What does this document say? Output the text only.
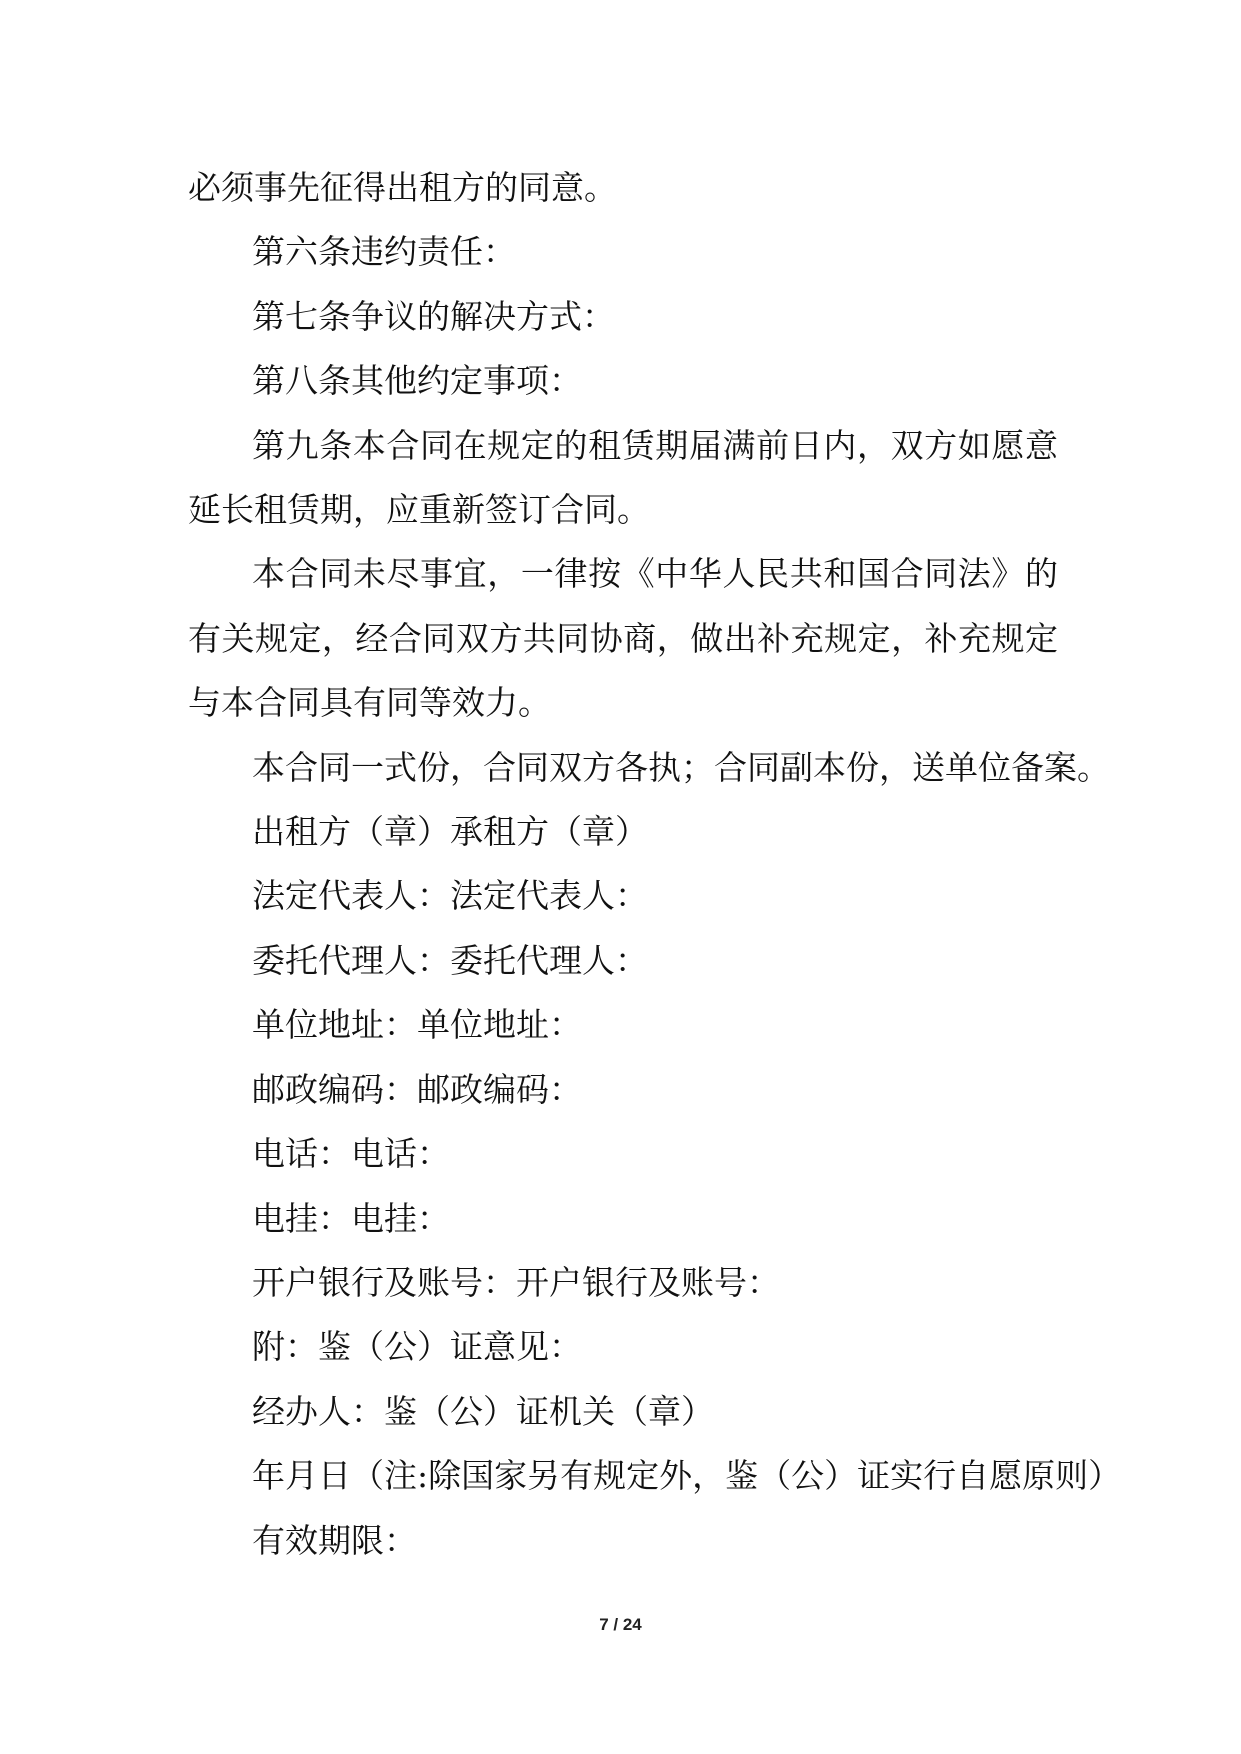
必须事先征得出租方的同意。

第六条违约责任：

第七条争议的解决方式：

第八条其他约定事项：

第九条本合同在规定的租赁期届满前日内，双方如愿意延长租赁期，应重新签订合同。

本合同未尽事宜，一律按《中华人民共和国合同法》的有关规定，经合同双方共同协商，做出补充规定，补充规定与本合同具有同等效力。

本合同一式份，合同双方各执；合同副本份，送单位备案。

出租方（章）承租方（章）

法定代表人：法定代表人：

委托代理人：委托代理人：

单位地址：单位地址：

邮政编码：邮政编码：

电话：电话：

电挂：电挂：

开户银行及账号：开户银行及账号：

附：鉴（公）证意见：

经办人：鉴（公）证机关（章）

年月日（注:除国家另有规定外，鉴（公）证实行自愿原则）

有效期限：

7 / 24
